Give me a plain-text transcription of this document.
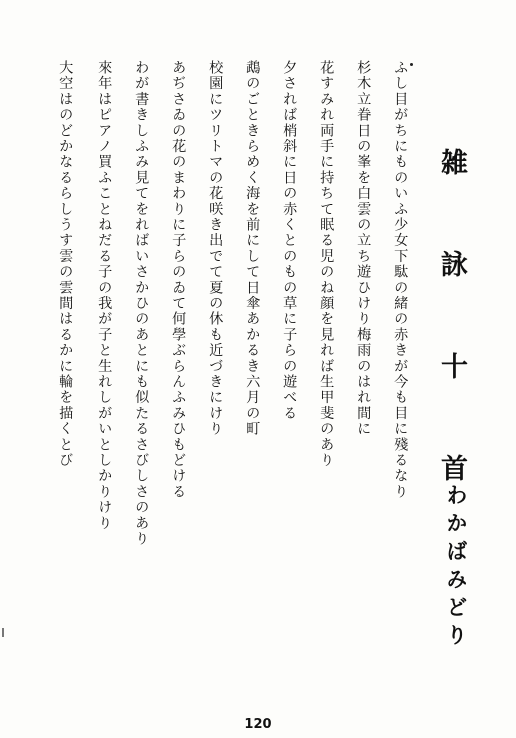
雑 詠 十 首
わかばみどり
ふし目がちにものいふ少女下駄の緒の赤きが今も目に殘るなり
杉木立眷日の峯を白雲の立ち遊ひけり梅雨のはれ間に
花すみれ両手に持ちて眠る児のね顔を見れば生甲斐のあり
夕されば梢斜に日の赤くとのもの草に子らの遊べる
鵡のごときらめく海を前にして日傘あかるき六月の町
校園にツリトマの花咲き出でて夏の休も近づきにけり
あぢさゐの花のまわりに子らのゐて何學ぶらんふみひもどける
わが書きしふみ見てをればいさかひのあとにも似たるさびしさのあり
來年はピアノ買ふことねだる子の我が子と生れしがいとしかりけり
大空はのどかなるらしうす雲の雲間はるかに輪を描くとび
120
